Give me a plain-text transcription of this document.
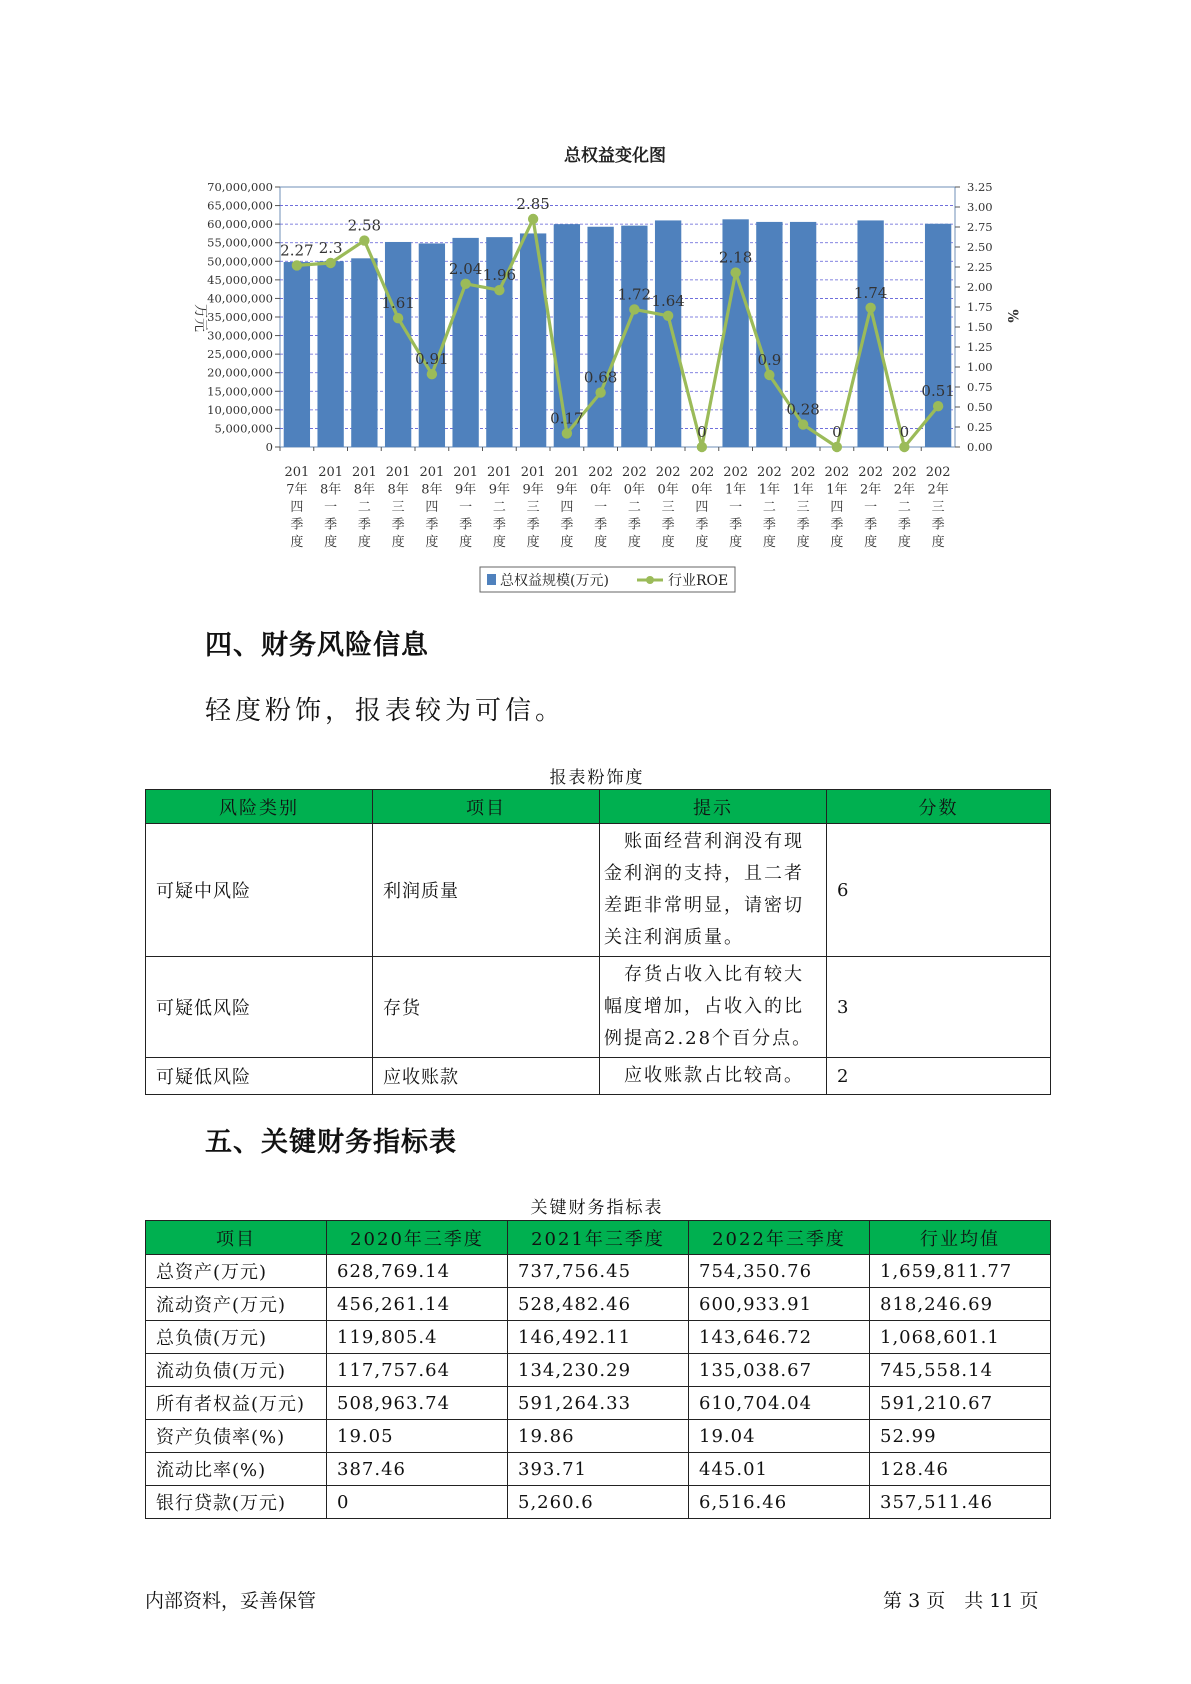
总权益变化图
0
5,000,000
10,000,000
15,000,000
20,000,000
25,000,000
30,000,000
35,000,000
40,000,000
45,000,000
50,000,000
55,000,000
60,000,000
65,000,000
70,000,000
0.00
0.25
0.50
0.75
1.00
1.25
1.50
1.75
2.00
2.25
2.50
2.75
3.00
3.25
万元	%
201
7年
四
季
度
201
8年
一
季
度
201
8年
二
季
度
201
8年
三
季
度
201
8年
四
季
度
201
9年
一
季
度
201
9年
二
季
度
201
9年
三
季
度
201
9年
四
季
度
202
0年
一
季
度
202
0年
二
季
度
202
0年
三
季
度
202
0年
四
季
度
202
1年
一
季
度
202
1年
二
季
度
202
1年
三
季
度
202
1年
四
季
度
202
2年
一
季
度
202
2年
二
季
度
202
2年
三
季
度
2.27 2.3
2.58
1.61
0.91
2.04 1.96
2.85
0.17
0.68
1.72 1.64
0
2.18
0.9
0.28
0
1.74
0
0.51
总权益规模(万元)	行业ROE
四、财务风险信息
轻度粉饰，报表较为可信。
报表粉饰度
风险类别	项目	提示	分数
可疑中风险	利润质量	　账面经营利润没有现金利润的支持，且二者差距非常明显，请密切关注利润质量。	6
可疑低风险	存货	　存货占收入比有较大幅度增加，占收入的比例提高2.28个百分点。	3
可疑低风险	应收账款	　应收账款占比较高。	2
五、关键财务指标表
关键财务指标表
项目	2020年三季度	2021年三季度	2022年三季度	行业均值
总资产(万元)	628,769.14	737,756.45	754,350.76	1,659,811.77
流动资产(万元)	456,261.14	528,482.46	600,933.91	818,246.69
总负债(万元)	119,805.4	146,492.11	143,646.72	1,068,601.1
流动负债(万元)	117,757.64	134,230.29	135,038.67	745,558.14
所有者权益(万元)	508,963.74	591,264.33	610,704.04	591,210.67
资产负债率(%)	19.05	19.86	19.04	52.99
流动比率(%)	387.46	393.71	445.01	128.46
银行贷款(万元)	0	5,260.6	6,516.46	357,511.46
内部资料，妥善保管	第 3 页　共 11 页
